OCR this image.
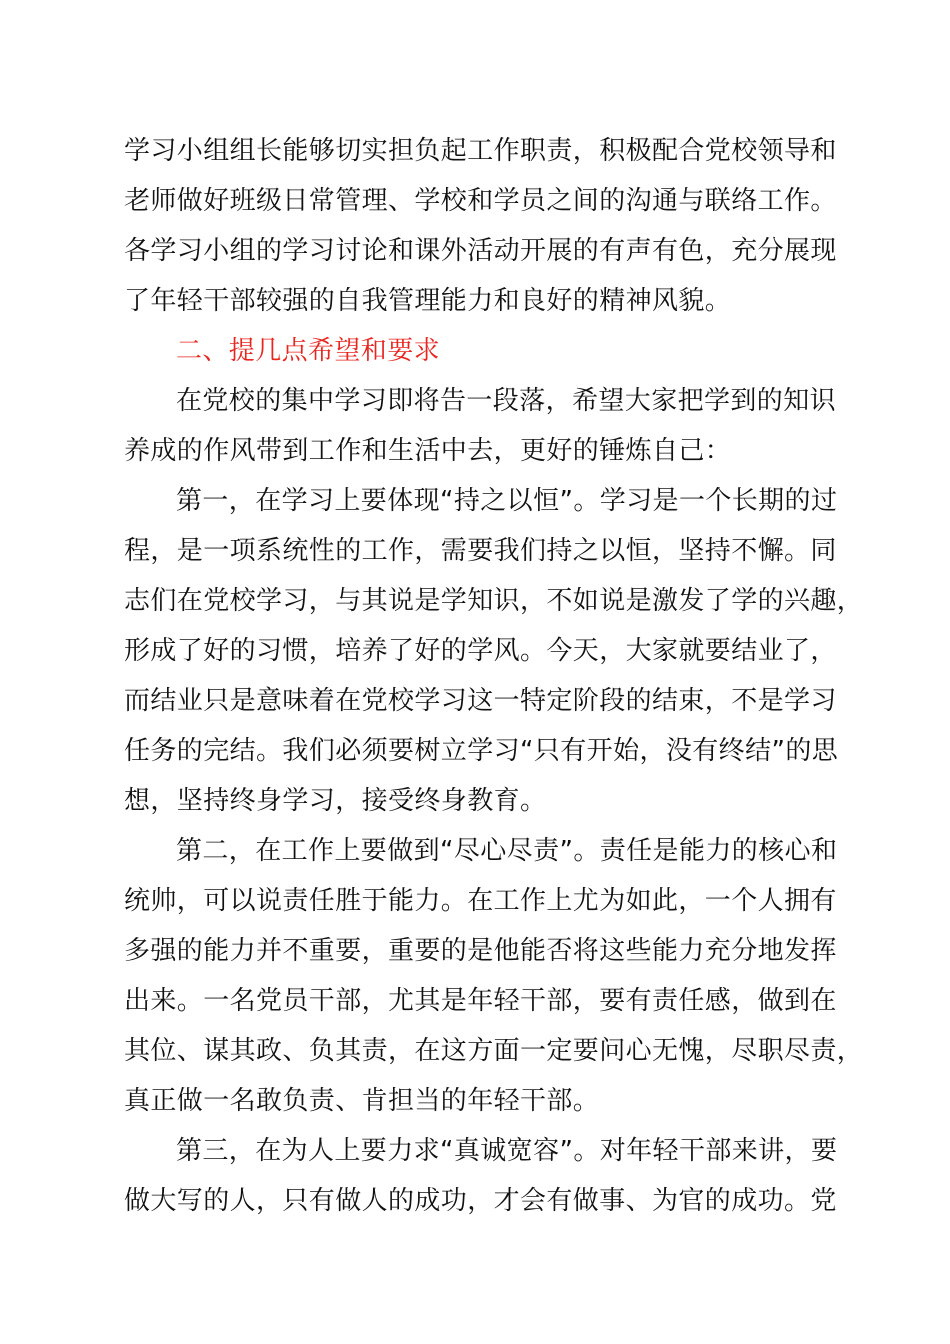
学习小组组长能够切实担负起工作职责，积极配合党校领导和
老师做好班级日常管理、学校和学员之间的沟通与联络工作。
各学习小组的学习讨论和课外活动开展的有声有色，充分展现
了年轻干部较强的自我管理能力和良好的精神风貌。
二、提几点希望和要求
在党校的集中学习即将告一段落，希望大家把学到的知识
养成的作风带到工作和生活中去，更好的锤炼自己：
第一，在学习上要体现“持之以恒”。学习是一个长期的过
程，是一项系统性的工作，需要我们持之以恒，坚持不懈。同
志们在党校学习，与其说是学知识，不如说是激发了学的兴趣，
形成了好的习惯，培养了好的学风。今天，大家就要结业了，
而结业只是意味着在党校学习这一特定阶段的结束，不是学习
任务的完结。我们必须要树立学习“只有开始，没有终结”的思
想，坚持终身学习，接受终身教育。
第二，在工作上要做到“尽心尽责”。责任是能力的核心和
统帅，可以说责任胜于能力。在工作上尤为如此，一个人拥有
多强的能力并不重要，重要的是他能否将这些能力充分地发挥
出来。一名党员干部，尤其是年轻干部，要有责任感，做到在
其位、谋其政、负其责，在这方面一定要问心无愧，尽职尽责，
真正做一名敢负责、肯担当的年轻干部。
第三，在为人上要力求“真诚宽容”。对年轻干部来讲，要
做大写的人，只有做人的成功，才会有做事、为官的成功。党
